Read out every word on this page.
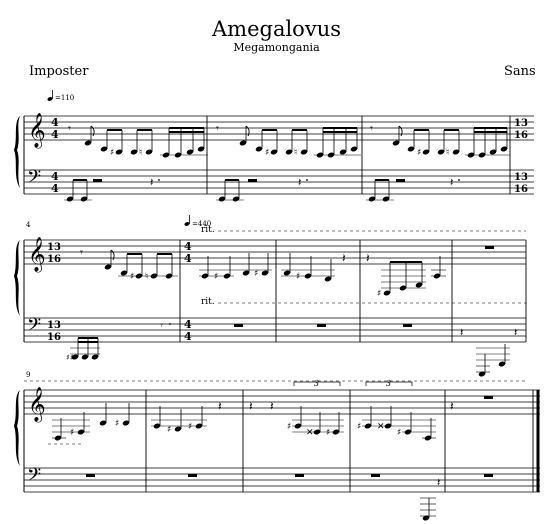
Amegalovus
Megamonganіa
Imposter	Sans
=110
𝄞
𝄢
4
4
4
4
𝄾
♯	♮
𝄽
𝄾
♯	♮
𝄽
𝄾
♯	♮
𝄽
13
16
13
16
4	=440
rit.
rit.
𝄞
𝄢
13
16
13
16
𝄾
♯ ♮
♯♯
𝄾
4
4
4
4
♯	♯	♯
𝄽 𝄽
♯
𝄽	𝄽
9
𝄞
𝄢
♯
♯
♯ ♯
𝄽 𝄽 𝄽
3
♯
✕ ♯
3
♯ ✕
♯
𝄽
𝄽
